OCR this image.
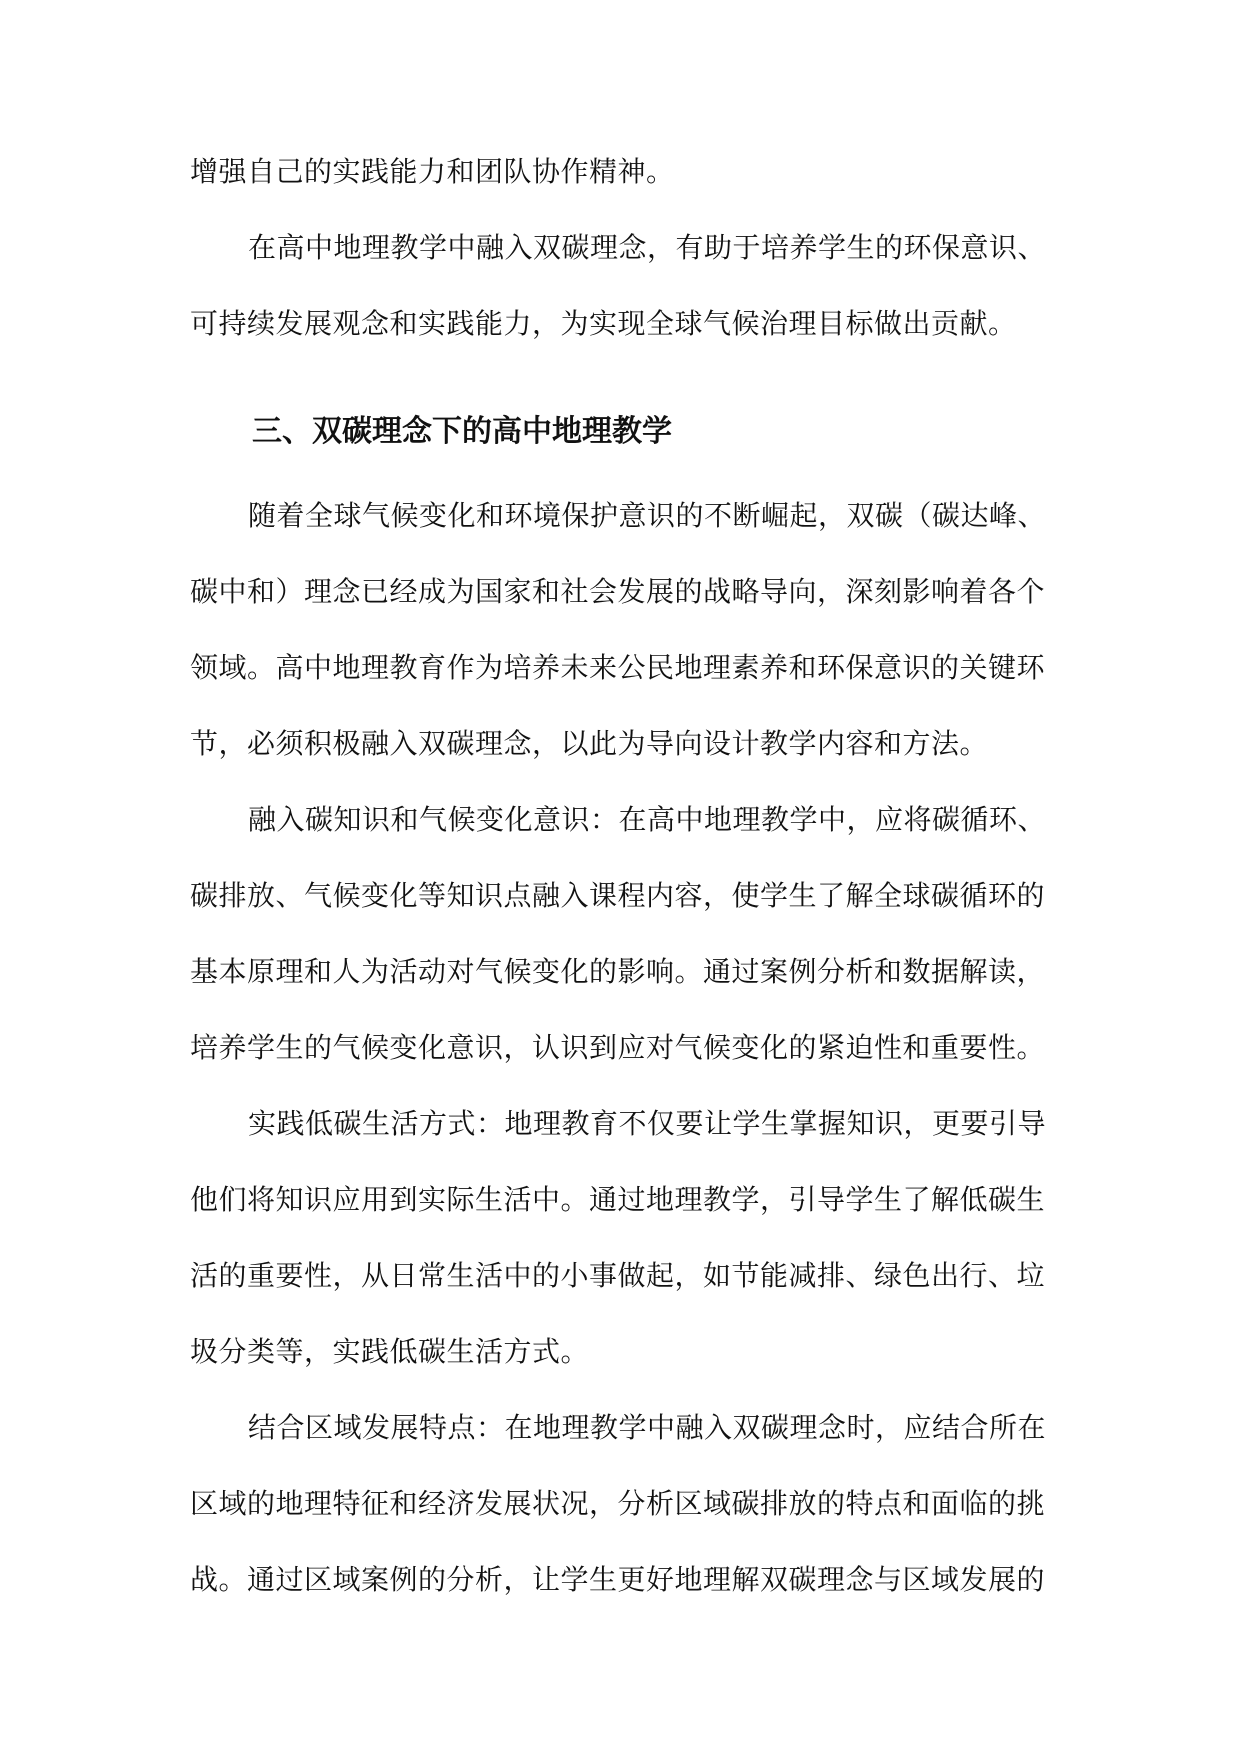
增强自己的实践能力和团队协作精神。
在高中地理教学中融入双碳理念，有助于培养学生的环保意识、
可持续发展观念和实践能力，为实现全球气候治理目标做出贡献。
三、双碳理念下的高中地理教学
随着全球气候变化和环境保护意识的不断崛起，双碳（碳达峰、
碳中和）理念已经成为国家和社会发展的战略导向，深刻影响着各个
领域。高中地理教育作为培养未来公民地理素养和环保意识的关键环
节，必须积极融入双碳理念，以此为导向设计教学内容和方法。
融入碳知识和气候变化意识：在高中地理教学中，应将碳循环、
碳排放、气候变化等知识点融入课程内容，使学生了解全球碳循环的
基本原理和人为活动对气候变化的影响。通过案例分析和数据解读，
培养学生的气候变化意识，认识到应对气候变化的紧迫性和重要性。
实践低碳生活方式：地理教育不仅要让学生掌握知识，更要引导
他们将知识应用到实际生活中。通过地理教学，引导学生了解低碳生
活的重要性，从日常生活中的小事做起，如节能减排、绿色出行、垃
圾分类等，实践低碳生活方式。
结合区域发展特点：在地理教学中融入双碳理念时，应结合所在
区域的地理特征和经济发展状况，分析区域碳排放的特点和面临的挑
战。通过区域案例的分析，让学生更好地理解双碳理念与区域发展的
